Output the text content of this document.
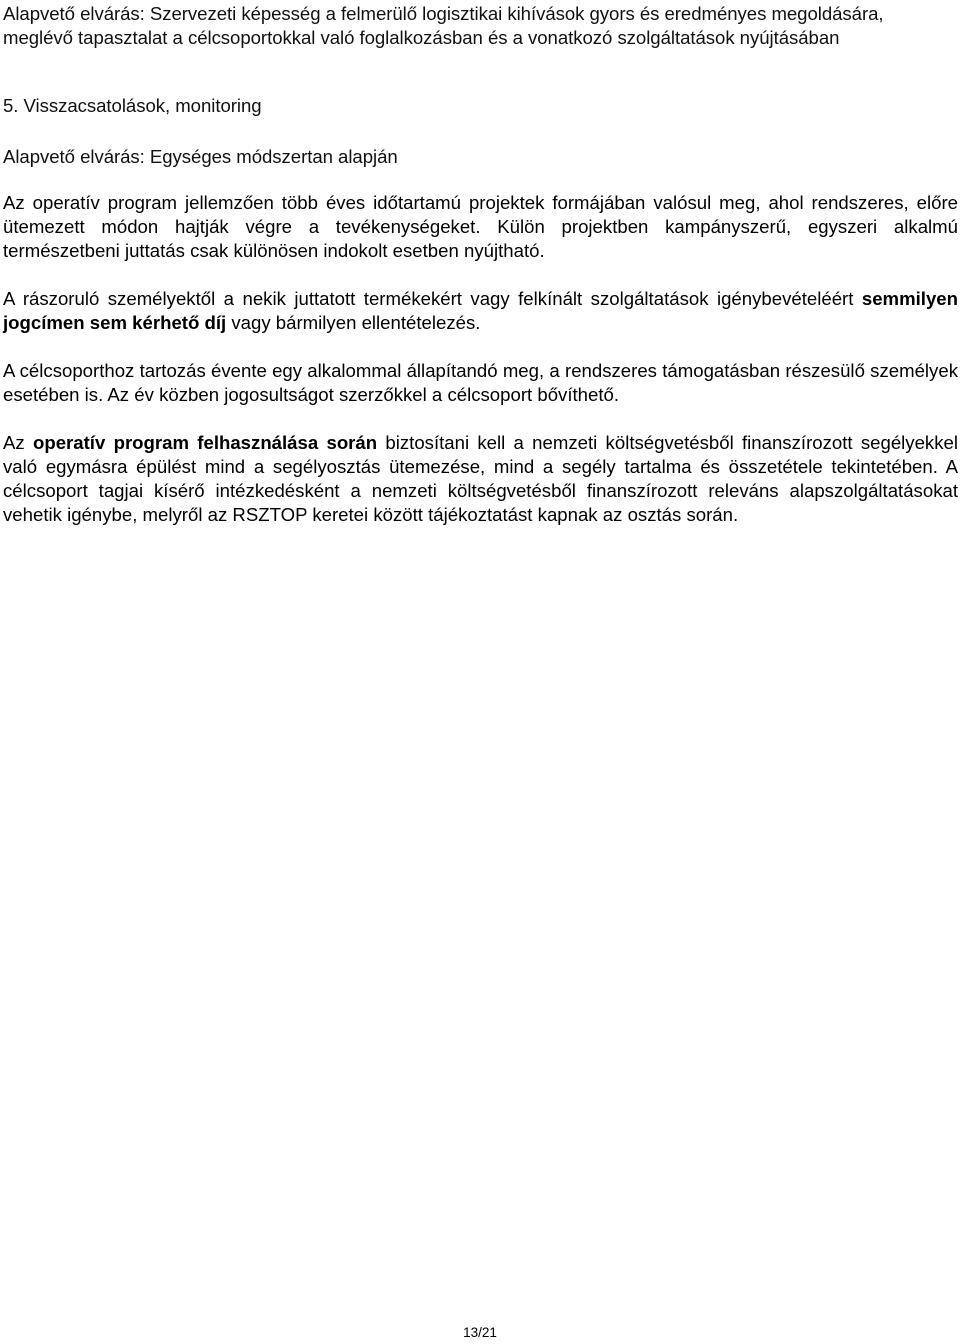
Alapvető elvárás: Szervezeti képesség a felmerülő logisztikai kihívások gyors és eredményes megoldására, meglévő tapasztalat a célcsoportokkal való foglalkozásban és a vonatkozó szolgáltatások nyújtásában

5. Visszacsatolások, monitoring

Alapvető elvárás: Egységes módszertan alapján

Az operatív program jellemzően több éves időtartamú projektek formájában valósul meg, ahol rendszeres, előre ütemezett módon hajtják végre a tevékenységeket. Külön projektben kampányszerű, egyszeri alkalmú természetbeni juttatás csak különösen indokolt esetben nyújtható.

A rászoruló személyektől a nekik juttatott termékekért vagy felkínált szolgáltatások igénybevételéért semmilyen jogcímen sem kérhető díj vagy bármilyen ellentételezés.

A célcsoporthoz tartozás évente egy alkalommal állapítandó meg, a rendszeres támogatásban részesülő személyek esetében is. Az év közben jogosultságot szerzőkkel a célcsoport bővíthető.

Az operatív program felhasználása során biztosítani kell a nemzeti költségvetésből finanszírozott segélyekkel való egymásra épülést mind a segélyosztás ütemezése, mind a segély tartalma és összetétele tekintetében. A célcsoport tagjai kísérő intézkedésként a nemzeti költségvetésből finanszírozott releváns alapszolgáltatásokat vehetik igénybe, melyről az RSZTOP keretei között tájékoztatást kapnak az osztás során.

13/21
